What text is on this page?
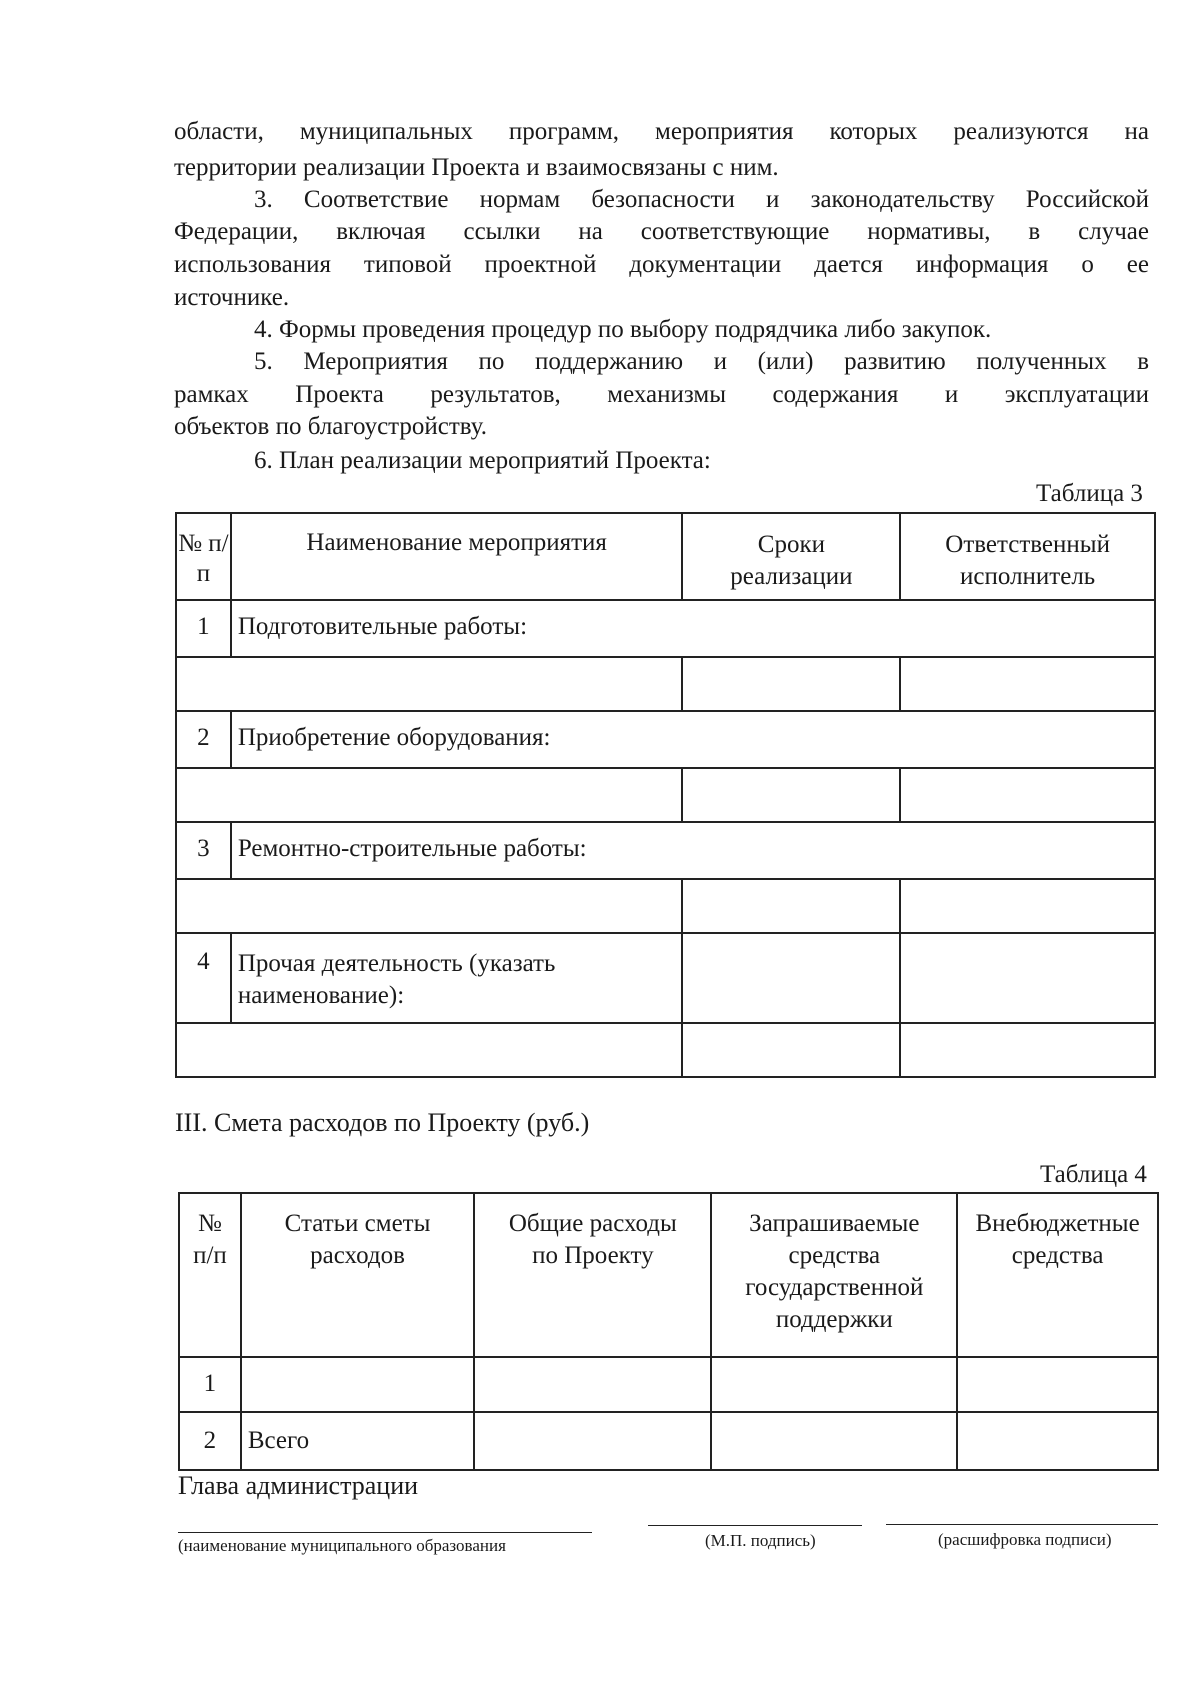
области, муниципальных программ, мероприятия которых реализуются на
территории реализации Проекта и взаимосвязаны с ним.
3. Соответствие нормам безопасности и законодательству Российской
Федерации, включая ссылки на соответствующие нормативы, в случае
использования типовой проектной документации дается информация о ее
источнике.
4. Формы проведения процедур по выбору подрядчика либо закупок.
5. Мероприятия по поддержанию и (или) развитию полученных в
рамках Проекта результатов, механизмы содержания и эксплуатации
объектов по благоустройству.
6. План реализации мероприятий Проекта:
Таблица 3
№ п/п	Наименование мероприятия	Сроки реализации	Ответственный исполнитель
1	Подготовительные работы:		

2	Приобретение оборудования:		

3	Ремонтно-строительные работы:		

4	Прочая деятельность (указать наименование):		

III. Смета расходов по Проекту (руб.)
Таблица 4
№ п/п	Статьи сметы расходов	Общие расходы по Проекту	Запрашиваемые средства государственной поддержки	Внебюджетные средства
1				
2	Всего			
Глава администрации
(наименование муниципального образования	(М.П. подпись)	(расшифровка подписи)
